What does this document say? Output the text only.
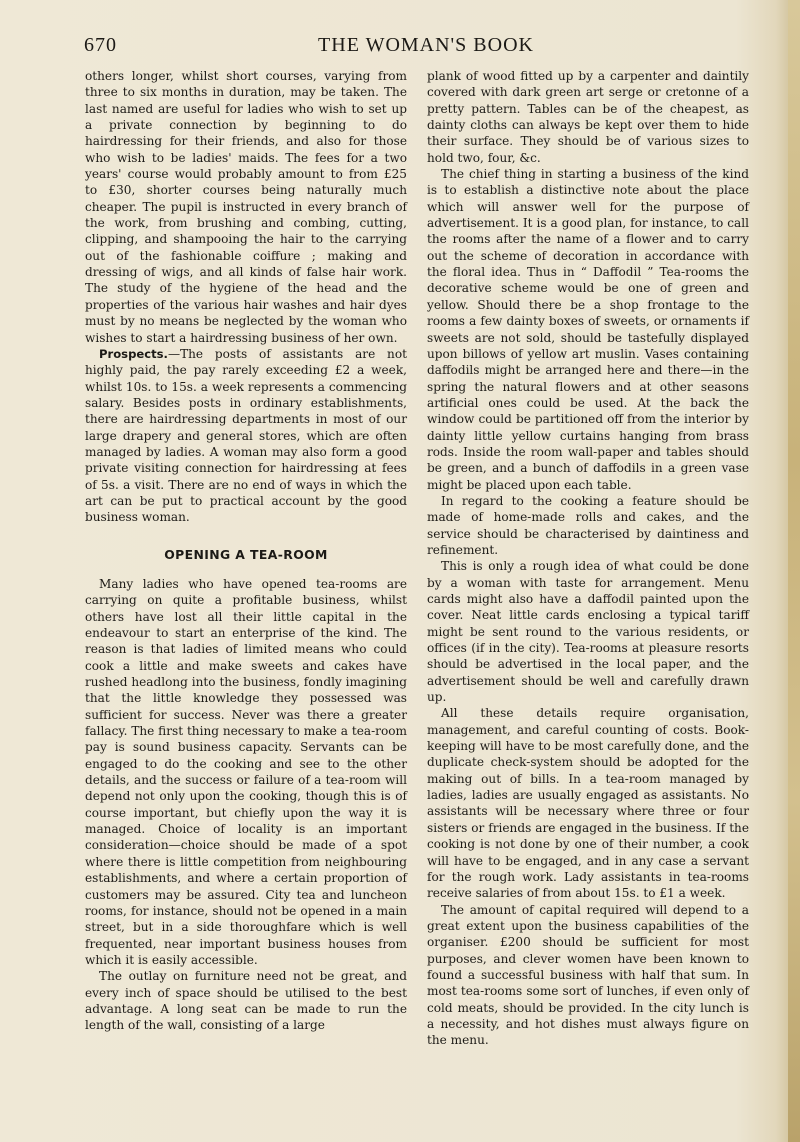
670	THE WOMAN'S BOOK

others longer, whilst short courses, varying from three to six months in duration, may be taken. The last named are useful for ladies who wish to set up a private connection by beginning to do hairdressing for their friends, and also for those who wish to be ladies' maids. The fees for a two years' course would probably amount to from £25 to £30, shorter courses being naturally much cheaper. The pupil is instructed in every branch of the work, from brushing and combing, cutting, clipping, and shampooing the hair to the carrying out of the fashionable coiffure ; making and dressing of wigs, and all kinds of false hair work. The study of the hygiene of the head and the properties of the various hair washes and hair dyes must by no means be neglected by the woman who wishes to start a hairdressing business of her own.

Prospects.—The posts of assistants are not highly paid, the pay rarely exceeding £2 a week, whilst 10s. to 15s. a week represents a commencing salary. Besides posts in ordinary establishments, there are hairdressing departments in most of our large drapery and general stores, which are often managed by ladies. A woman may also form a good private visiting connection for hairdressing at fees of 5s. a visit. There are no end of ways in which the art can be put to practical account by the good business woman.

OPENING A TEA-ROOM

Many ladies who have opened tea-rooms are carrying on quite a profitable business, whilst others have lost all their little capital in the endeavour to start an enterprise of the kind. The reason is that ladies of limited means who could cook a little and make sweets and cakes have rushed headlong into the business, fondly imagining that the little knowledge they possessed was sufficient for success. Never was there a greater fallacy. The first thing necessary to make a tea-room pay is sound business capacity. Servants can be engaged to do the cooking and see to the other details, and the success or failure of a tea-room will depend not only upon the cooking, though this is of course important, but chiefly upon the way it is managed. Choice of locality is an important consideration—choice should be made of a spot where there is little competition from neighbouring establishments, and where a certain proportion of customers may be assured. City tea and luncheon rooms, for instance, should not be opened in a main street, but in a side thoroughfare which is well frequented, near important business houses from which it is easily accessible.

The outlay on furniture need not be great, and every inch of space should be utilised to the best advantage. A long seat can be made to run the length of the wall, consisting of a large

plank of wood fitted up by a carpenter and daintily covered with dark green art serge or cretonne of a pretty pattern. Tables can be of the cheapest, as dainty cloths can always be kept over them to hide their surface. They should be of various sizes to hold two, four, &c.

The chief thing in starting a business of the kind is to establish a distinctive note about the place which will answer well for the purpose of advertisement. It is a good plan, for instance, to call the rooms after the name of a flower and to carry out the scheme of decoration in accordance with the floral idea. Thus in “ Daffodil ” Tea-rooms the decorative scheme would be one of green and yellow. Should there be a shop frontage to the rooms a few dainty boxes of sweets, or ornaments if sweets are not sold, should be tastefully displayed upon billows of yellow art muslin. Vases containing daffodils might be arranged here and there—in the spring the natural flowers and at other seasons artificial ones could be used. At the back the window could be partitioned off from the interior by dainty little yellow curtains hanging from brass rods. Inside the room wall-paper and tables should be green, and a bunch of daffodils in a green vase might be placed upon each table.

In regard to the cooking a feature should be made of home-made rolls and cakes, and the service should be characterised by daintiness and refinement.

This is only a rough idea of what could be done by a woman with taste for arrangement. Menu cards might also have a daffodil painted upon the cover. Neat little cards enclosing a typical tariff might be sent round to the various residents, or offices (if in the city). Tea-rooms at pleasure resorts should be advertised in the local paper, and the advertisement should be well and carefully drawn up.

All these details require organisation, management, and careful counting of costs. Book-keeping will have to be most carefully done, and the duplicate check-system should be adopted for the making out of bills. In a tea-room managed by ladies, ladies are usually engaged as assistants. No assistants will be necessary where three or four sisters or friends are engaged in the business. If the cooking is not done by one of their number, a cook will have to be engaged, and in any case a servant for the rough work. Lady assistants in tea-rooms receive salaries of from about 15s. to £1 a week.

The amount of capital required will depend to a great extent upon the business capabilities of the organiser. £200 should be sufficient for most purposes, and clever women have been known to found a successful business with half that sum. In most tea-rooms some sort of lunches, if even only of cold meats, should be provided. In the city lunch is a necessity, and hot dishes must always figure on the menu.
